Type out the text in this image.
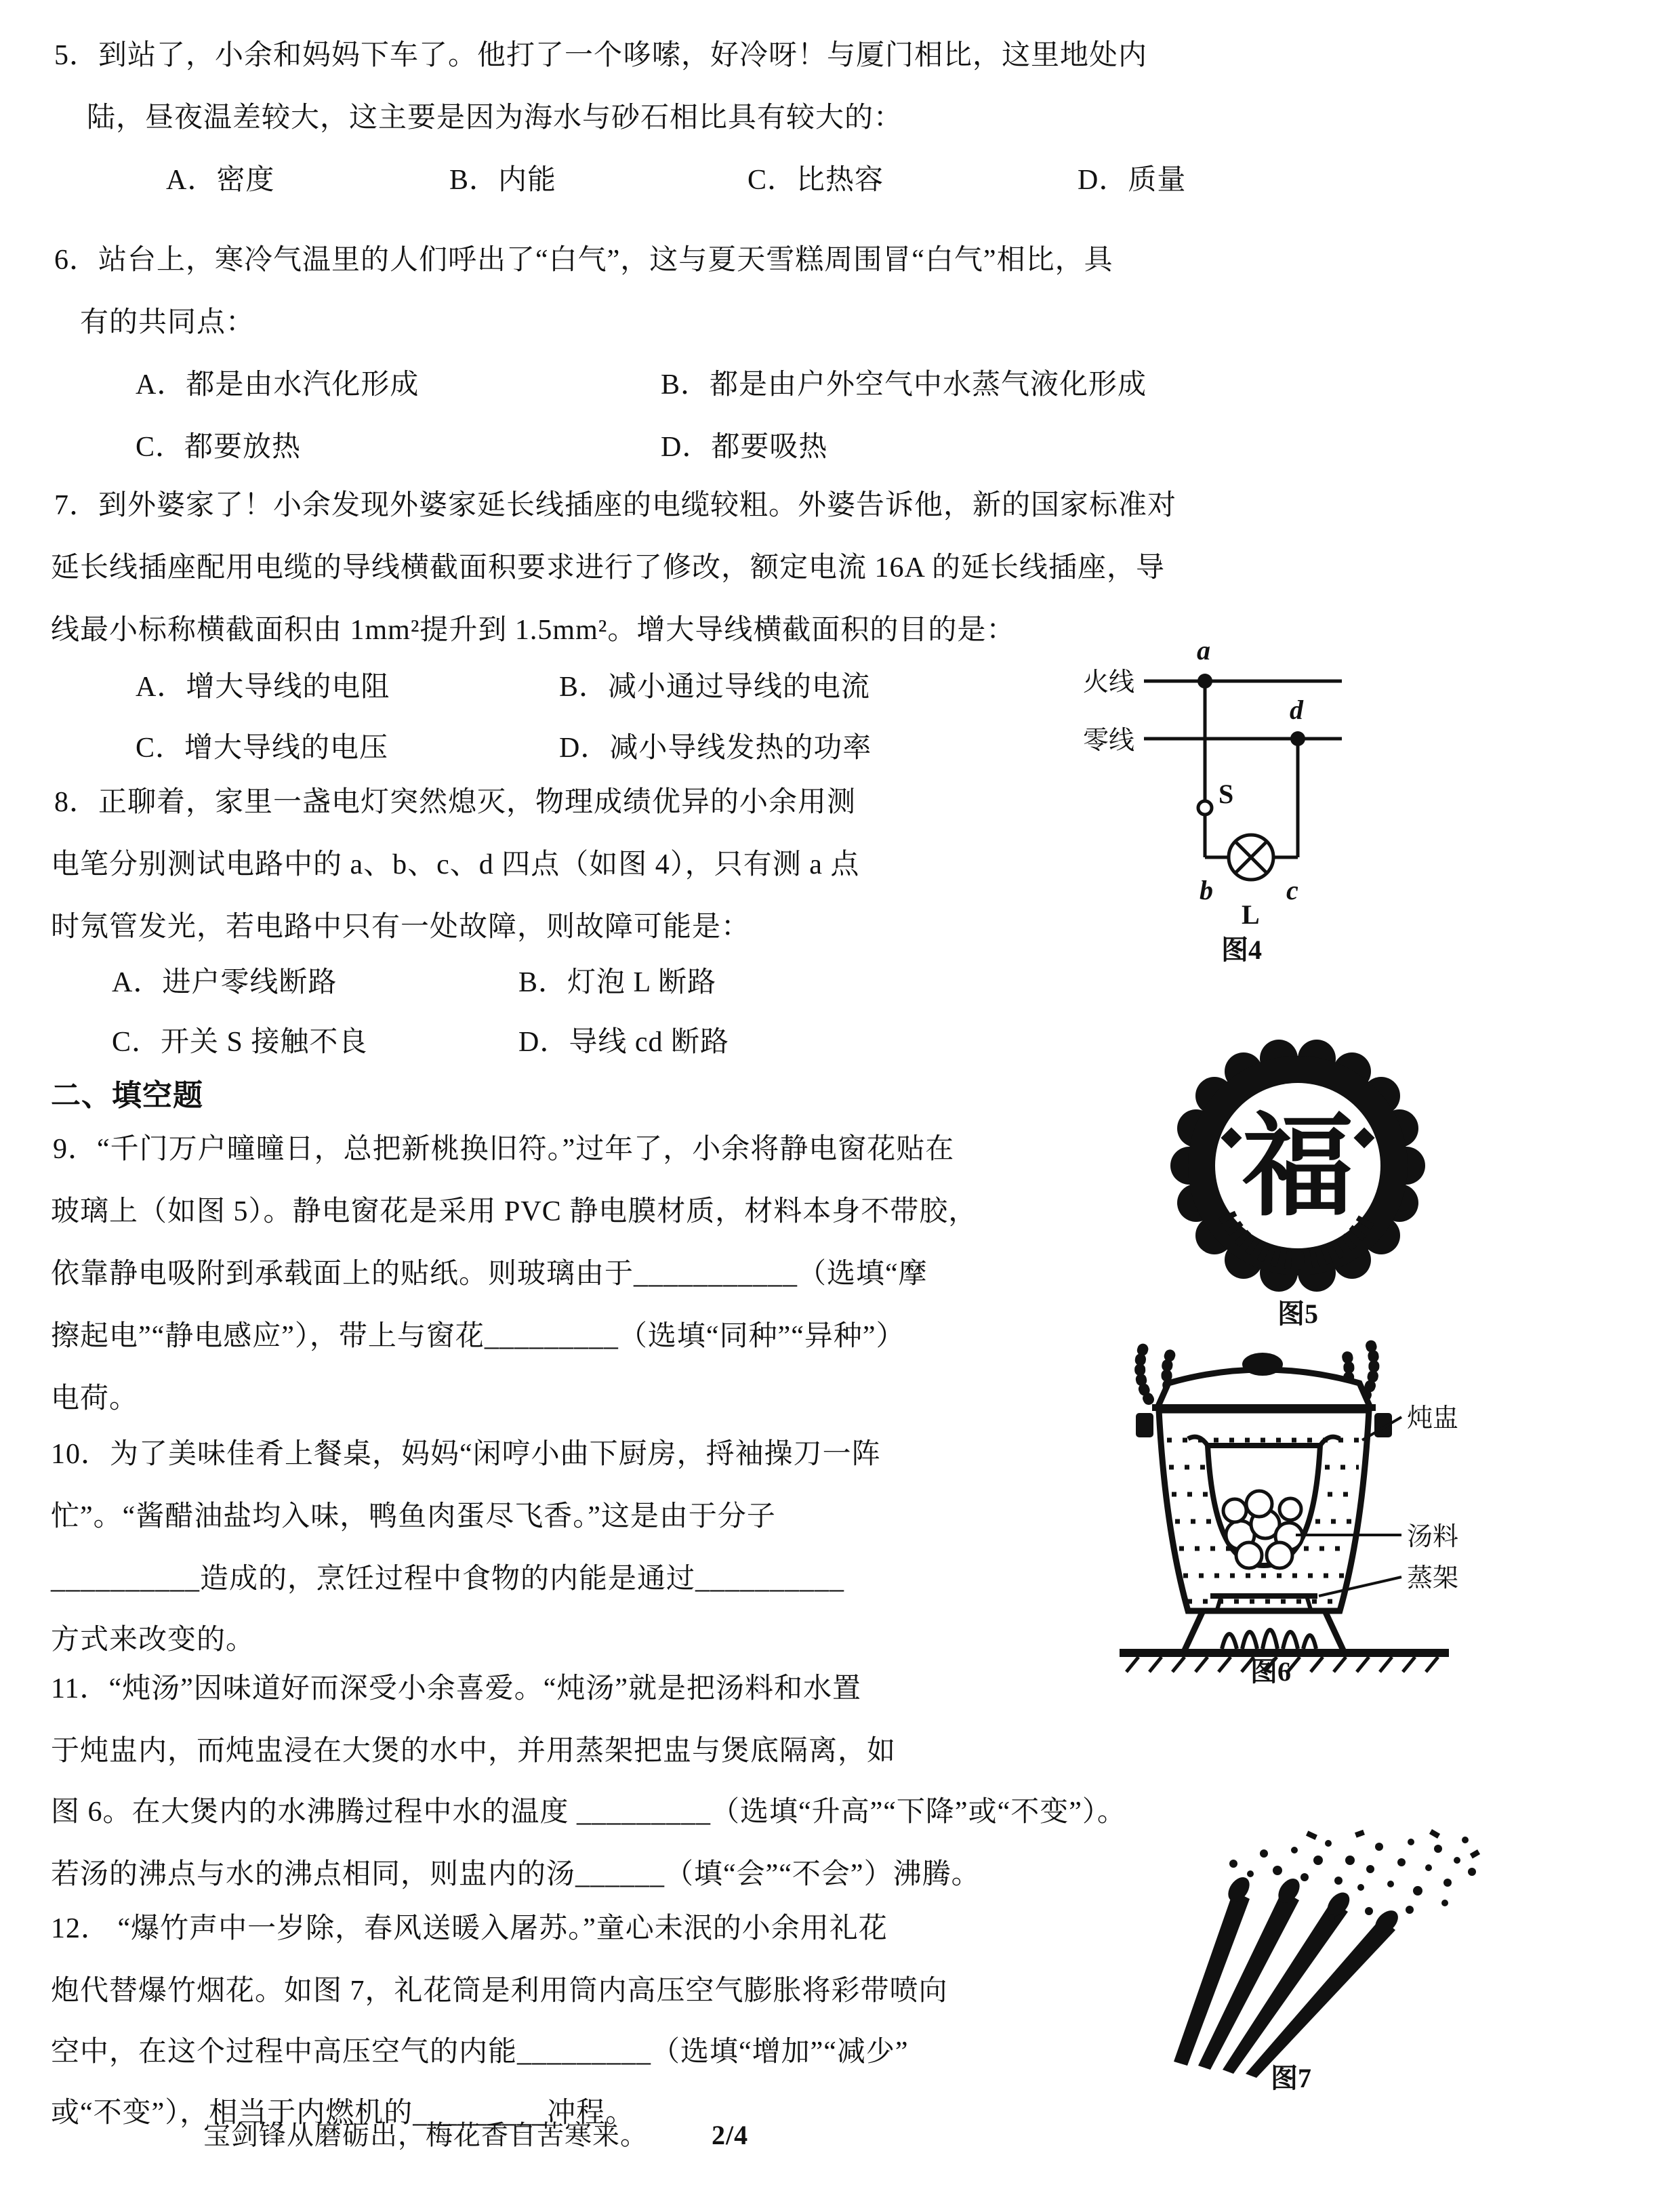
5．到站了，小余和妈妈下车了。他打了一个哆嗦，好冷呀！与厦门相比，这里地处内
陆，昼夜温差较大，这主要是因为海水与砂石相比具有较大的：
A．密度	B．内能	C．比热容	D．质量
6．站台上，寒冷气温里的人们呼出了“白气”，这与夏天雪糕周围冒“白气”相比，具
有的共同点：
A．都是由水汽化形成	B．都是由户外空气中水蒸气液化形成
C．都要放热	D．都要吸热
7．到外婆家了！小余发现外婆家延长线插座的电缆较粗。外婆告诉他，新的国家标准对
延长线插座配用电缆的导线横截面积要求进行了修改，额定电流 16A 的延长线插座，导
线最小标称横截面积由 1mm²提升到 1.5mm²。增大导线横截面积的目的是：
A．增大导线的电阻	B．减小通过导线的电流
C．增大导线的电压	D．减小导线发热的功率
8．正聊着，家里一盏电灯突然熄灭，物理成绩优异的小余用测
电笔分别测试电路中的 a、b、c、d 四点（如图 4），只有测 a 点
时氖管发光，若电路中只有一处故障，则故障可能是：
A．进户零线断路	B．灯泡 L 断路
C．开关 S 接触不良	D．导线 cd 断路
火线
a
零线
d
S
b	c
L
图4
二、填空题
9．“千门万户曈曈日，总把新桃换旧符。”过年了，小余将静电窗花贴在
玻璃上（如图 5）。静电窗花是采用 PVC 静电膜材质，材料本身不带胶，
依靠静电吸附到承载面上的贴纸。则玻璃由于___________（选填“摩
擦起电”“静电感应”），带上与窗花_________（选填“同种”“异种”）
电荷。
福
图5
10．为了美味佳肴上餐桌，妈妈“闲哼小曲下厨房，捋袖操刀一阵
忙”。“酱醋油盐均入味，鸭鱼肉蛋尽飞香。”这是由于分子
__________造成的，烹饪过程中食物的内能是通过__________
方式来改变的。
炖盅
汤料
蒸架
图6
11．“炖汤”因味道好而深受小余喜爱。“炖汤”就是把汤料和水置
于炖盅内，而炖盅浸在大煲的水中，并用蒸架把盅与煲底隔离，如
图 6。在大煲内的水沸腾过程中水的温度 _________（选填“升高”“下降”或“不变”）。
若汤的沸点与水的沸点相同，则盅内的汤______（填“会”“不会”）沸腾。
12． “爆竹声中一岁除，春风送暖入屠苏。”童心未泯的小余用礼花
炮代替爆竹烟花。如图 7，礼花筒是利用筒内高压空气膨胀将彩带喷向
空中，在这个过程中高压空气的内能_________（选填“增加”“减少”
或“不变”），相当于内燃机的_________冲程。
图7
宝剑锋从磨砺出，梅花香自苦寒来。 2/4
